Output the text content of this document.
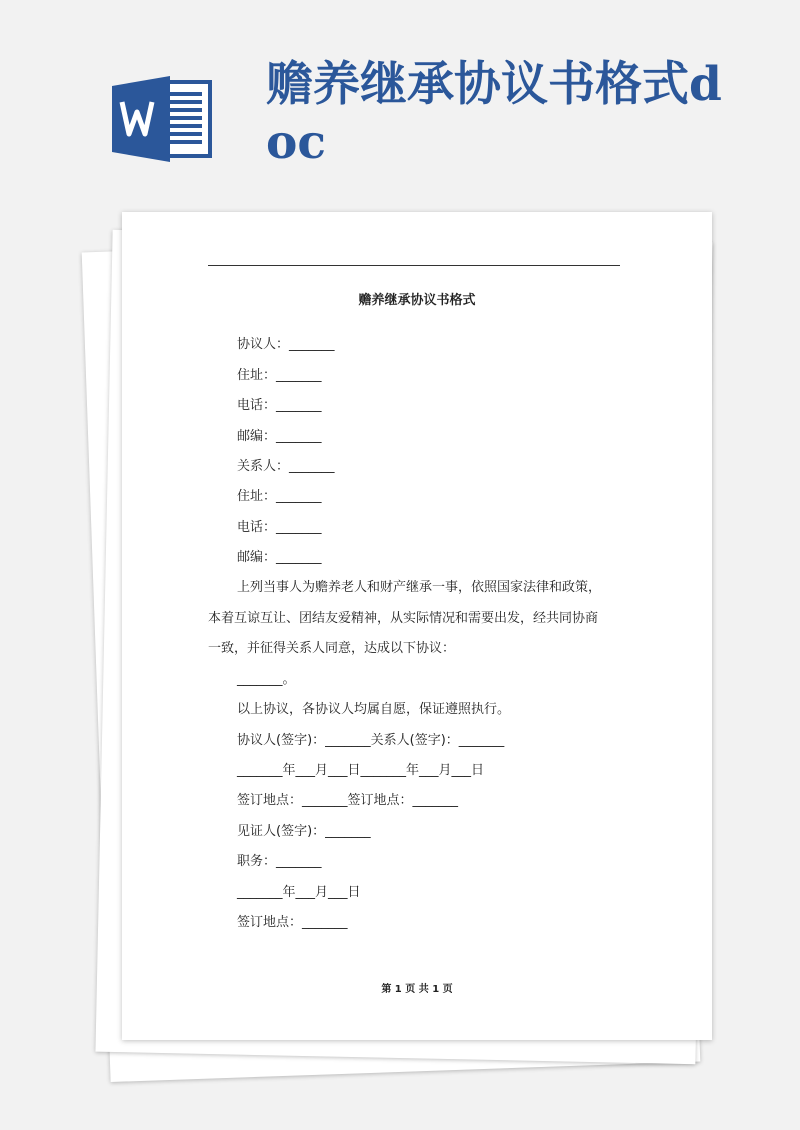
赡养继承协议书格式doc
赡养继承协议书格式
协议人：_______
住址：_______
电话：_______
邮编：_______
关系人：_______
住址：_______
电话：_______
邮编：_______
上列当事人为赡养老人和财产继承一事，依照国家法律和政策，
本着互谅互让、团结友爱精神，从实际情况和需要出发，经共同协商
一致，并征得关系人同意，达成以下协议：
_______。
以上协议，各协议人均属自愿，保证遵照执行。
协议人(签字)：_______关系人(签字)：_______
_______年___月___日_______年___月___日
签订地点：_______签订地点：_______
见证人(签字)：_______
职务：_______
_______年___月___日
签订地点：_______
第 1 页 共 1 页
